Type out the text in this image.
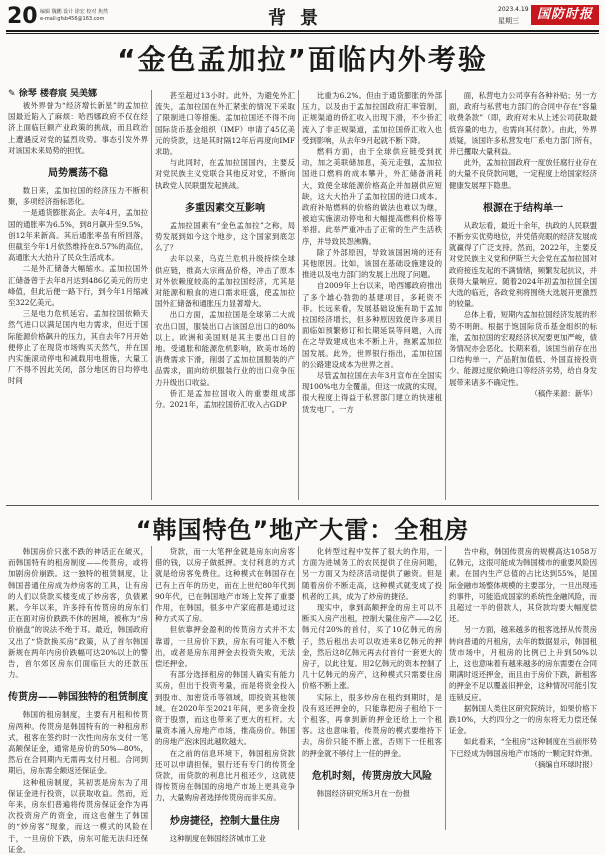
20 编辑 魏鹏 设计 徐宏 校对 焦然
e-mail:gfsb456@163.com	背景	2023.4.19
星期三	国防时报
“金色孟加拉”面临内外考验
✎ 徐琴 楼春宸 吴美娜

被外界誉为“经济增长新星”的孟加拉国最近陷入了麻烦：哈西娜政府不仅在经济上面临巨额产业政策的挑战，而且政治上遭遇反对党的猛烈攻势。事态引发外界对该国未来局势的担忧。

局势震荡不稳

数日来，孟加拉国的经济压力不断积聚，多项经济指标恶化。

一是通货膨胀高企。去年4月，孟加拉国的通胀率为6.5%，到8月飙升至9.5%，创12年来新高。其后通胀率虽有所回落，但截至今年1月依然维持在8.57%的高位，高通胀大大抬升了民众生活成本。

二是外汇储备大幅缩水。孟加拉国外汇储备曾于去年8月达到486亿美元的历史峰值，但此后便一路下行，到今年1月缩减至322亿美元。

三是电力危机延宕。孟加拉国依赖天然气进口以满足国内电力需求，但近于国际能源价格飙升的压力，其自去年7月开始便停止了在现货市场购买天然气，并在国内实施滚动停电和减载用电措施，大量工厂不得不因此关闭，部分地区的日均停电时间

甚至超过13小时。此外，为避免外汇流失，孟加拉国在外汇紧张的情况下采取了限制进口等措施。孟加拉国还不得不向国际货币基金组织（IMF）申请了45亿美元的贷款，这是其时隔12年后再度向IMF求助。

与此同时，在孟加拉国国内，主要反对党民族主义党联合其他反对党，不断向执政党人民联盟发起挑战。

多重因素交互影响

孟加拉国素有“金色孟加拉”之称，局势发展到如今这个地步，这个国家到底怎么了？

去年以来，乌克兰危机升级持续全球供应链，推高大宗商品价格，冲击了原本对外依赖度较高的孟加拉国经济，尤其是对能源和粮食的进口需求旺盛，使孟加拉国外汇储备和通胀压力显著增大。

出口方面，孟加拉国是全球第二大成衣出口国，服装出口占该国总出口的80%以上。欧洲和美国则是其主要出口目的地。受通胀和能源危机影响，欧美市场的消费需求下滑，削弱了孟加拉国服装的产品需求，面向纺织服装行业的出口竞争压力升级出口收益。

侨汇是孟加拉国收入的重要组成部分。2021年，孟加拉国侨汇收入占GDP

比重为6.2%。但由于通货膨胀的外部压力，以及由于孟加拉国政府汇率管制，正规渠道的侨汇收入出现下滑，不少侨汇流入了非正规渠道，孟加拉国侨汇收入也受到影响，从去年9月起就不断下降。

燃料方面，由于全球供应链受到扰动，加之美联储加息，美元走强，孟加拉国进口燃料的成本攀升，外汇储备消耗大，致使全球能源价格高企并加剧供应短缺，这大大抬升了孟加拉国的进口成本。政府补贴燃料的价格的做法也难以为继，被迫实施滚动停电和大幅提高燃料价格等举措。此举严重冲击了正常的生产生活秩序，并导致民怨沸腾。

除了外部原因，导致该国困境的还有其他原因。比如，该国在基础设施建设的推进以及电力部门的发展上出现了问题。

自2009年上台以来，哈西娜政府推出了多个雄心勃勃的基建项目，多耗资不菲。长远来看，发展基础设施有助于孟加拉国经济增长，但多种原因致使许多项目面临如预繁修订和长期延误等问题，入而在之导致建成也未不断上升，拖累孟加拉国发展。此外，世界银行指出，孟加拉国的公路建设成本为世界之首。

尽管孟加拉国在去年3月宣布在全国实现100%电力全覆盖，但这一成就的实现，很大程度上得益于私营部门建立的快速租赁发电厂。一方

面，私营电力公司享有各种补贴；另一方面，政府与私营电力部门的合同中存在“容量收费条款”（即，政府对未从上述公司获取最低容量的电力，也需向其付款）。由此，外界质疑，该国许多私营发电厂系电力部门所有，并已攫取大量利益。

此外，孟加拉国政府一度放任腐行业存在的大量不良贷款问题，一定程度上给国家经济健康发展埋下隐患。

根源在于结构单一

从政坛看，最近十余年，执政的人民联盟不断夯实优势地位，并凭借亮眼的经济发展成就赢得了广泛支持。然而，2022年，主要反对党民族主义党和伊斯兰大会党在孟加拉国对政府接连发起的不满情绪，频繁发起抗议，并获得大量响应。随着2024年初孟加拉国全国大选的临近，各政党利将围绕大选展开更激烈的较量。

总体上看，短期内孟加拉国经济发展的形势不明朗。根据于饱国际货币基金组织的标准，孟加拉国的宏观经济状况要更加严峻，债务情况亦会恶化。长期来看，该国当前存在出口结构单一、产品附加值低、外国直接投资少、能源过度依赖进口等经济劣势，给自身发展带来诸多不确定性。

（稿件来源：新华）

“韩国特色”地产大雷：全租房

韩国房价只涨不跌的神话正在破灭，而韩国特有的租房制度——传贳房，或将加剧房价崩跌。这一独特的租赁制度，让韩国普通住房成为炒房客的工具，让有房的人们以贷款买楼变成了炒房客，负债累累。今年以来，许多持有传贳房的房东们正在面对房价跌跌不休的困境，被称为“房价崩盘”的说法不绝于耳。最近，韩国政府又出了“贷款换买房”政策，从了首尔韩国新规在两年内房价跌幅可达20%以上的警告，首尔郊区房东们面临巨大的还款压力。

传贳房——韩国独特的租赁制度

韩国的租房制度，主要有月租和传贳房两种。传贳房是韩国特有的一种租房形式，租客在签约时一次性向房东支付一笔高额保证金，通常是房价的50%—80%，然后在合同期内无需再支付月租。合同到期后，房东需全额返还保证金。

这种租房制度，其初衷是房东为了用保证金进行投资，以获取收益。然而，近年来，房东们普遍将传贳房保证金作为再次投资房产的资金，而这也催生了韩国的“炒房客”现象，而这一模式的风险在于，一旦房价下跌，房东可能无法归还保证金。

贷款，而一大笔押金就是房东向房客借的钱，以房子做抵押。支付利息的方式就是给房客免费住。这种模式在韩国存在已有上百年的历史，而在上世纪80年代到90年代，已在韩国地产市场上发挥了重要作用，在韩国，很多中产家庭都是通过这种方式买了房。

但依靠押金盈利的传贳房方式并不太靠谱，一旦房价下跌，房东有可能入不敷出，或者是房东用押金去投资失败，无法偿还押金。

有部分选择租房的韩国人确实有能力买房，但出于投资考量，而是将资金投入到股市、加密货币等领域，即投资其他领域。在2020年至2021年间，更多资金投资于股票，而这也带来了更大的杠杆。大量资本涌入房地产市场，推高房价。韩国的房地产泡沫因此越吹越大。

在之前的信息环境下，韩国租房贷款还可以申请担保，银行还有专门的传贳金贷款，而贷款的利息比月租还少，这就使得传贳房在韩国的房地产市场上更具竞争力，大量购房者选择传贳房而非买房。

炒房捷径，控制大量住房

这种制度在韩国经济城市工业

化转型过程中发挥了很大的作用，一方面为进城务工的农民提供了住房问题，另一方面又为经济活动提供了融资。但是随着房价不断走高，这种模式就变成了投机者的工具，成为了炒房的捷径。

现实中，拿到高额押金的房主可以不断买入房产出租，控制大量住房产——2亿韩元付20%的首付，买了10亿韩元的房子，然后租出去可以收进来8亿韩元的押金，然后这8亿韩元再去付首付一套更大的房子，以此往复。用2亿韩元的资本控制了几十亿韩元的房产，这种模式只需要住房价格不断上涨。

实际上，很多炒房在租约到期时，是没有返还押金的，只能靠把房子租给下一个租客，再拿到新的押金还给上一个租客。这也意味着，传贳房的模式要维持下去，房价只能不断上涨，否则下一任租客的押金就不够付上一任的押金。

危机时刻，传贳房放大风险

韩国经济研究所3月在一份报

告中称，韩国传贳房的规模高达1058万亿韩元，这很可能成为韩国楼市的重要风险因素。在国内生产总值的占比达到55%，是国际金融市场整体规模的主要部分，一旦出现违约事件，可能造成国家的系统性金融风险，而且超过一半的借款人，其贷款均要大幅度偿还。

另一方面，越来越多的租客选择从传贳房转向普通的月租房，去年的数据显示，韩国租赁市场中，月租房的比例已上升到50%以上，这也意味着有越来越多的房东需要在合同期满时返还押金，而且由于房价下跌，新租客的押金不足以覆盖旧押金，这种情况可能引发连锁反应。

据韩国人类住区研究院统计，如果价格下跌10%，大约四分之一的房东将无力偿还保证金。

如此看来，“全租房”这种制度在当前形势下已经成为韩国房地产市场的一颗定时炸弹。

（摘编自环球时报）
